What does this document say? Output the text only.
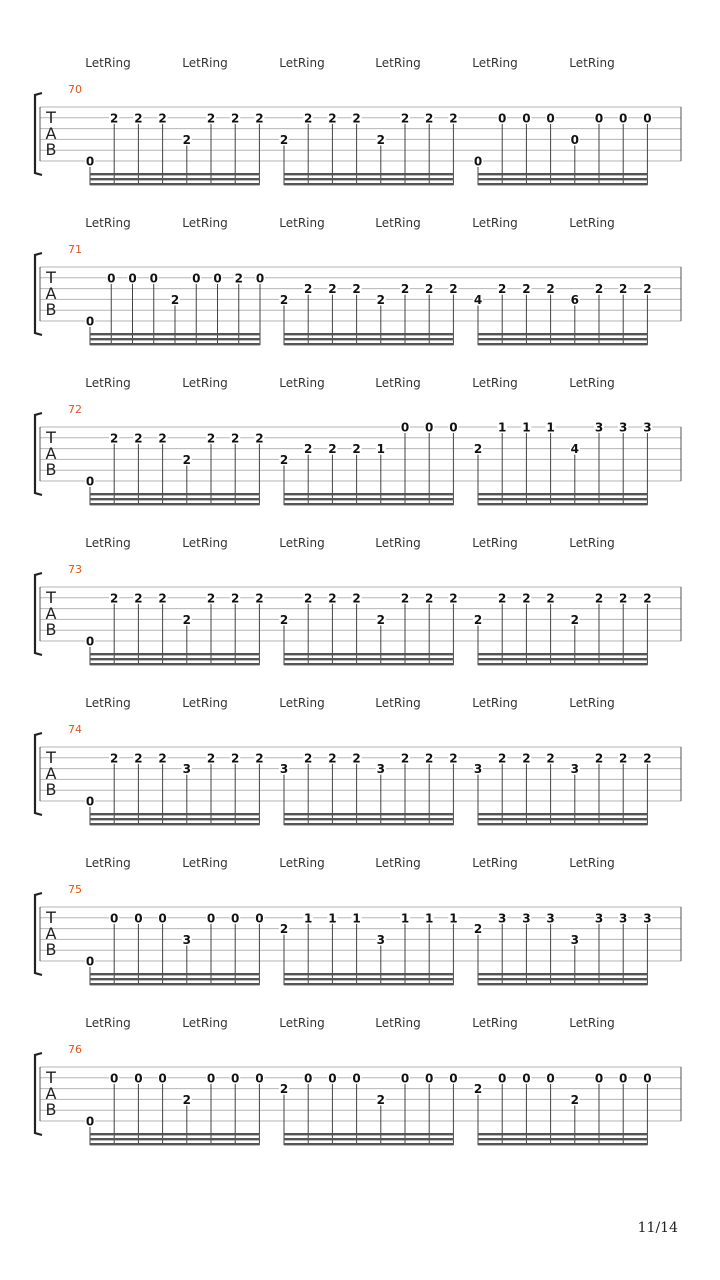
LetRing	LetRing	LetRing	LetRing	LetRing	LetRing
70
T
A
B
0
2 2 2
2
2 2 2
2
2 2 2
2
2 2 2
0
0 0 0
0
0 0 0
LetRing	LetRing	LetRing	LetRing	LetRing	LetRing
71
T
A
B
0
0 0 0
2
0 0 2 0
2
2 2 2
2
2 2 2
4
2 2 2
6
2 2 2
LetRing	LetRing	LetRing	LetRing	LetRing	LetRing
72
T
A
B
0
2 2 2
2
2 2 2
2
2 2 2 1
0 0 0
2
1 1 1
4
3 3 3
LetRing	LetRing	LetRing	LetRing	LetRing	LetRing
73
T
A
B
0
2 2 2
2
2 2 2
2
2 2 2
2
2 2 2
2
2 2 2
2
2 2 2
LetRing	LetRing	LetRing	LetRing	LetRing	LetRing
74
T
A
B
0
2 2 2
3
2 2 2
3
2 2 2
3
2 2 2
3
2 2 2
3
2 2 2
LetRing	LetRing	LetRing	LetRing	LetRing	LetRing
75
T
A
B
0
0 0 0
3
0 0 0
2
1 1 1
3
1 1 1
2
3 3 3
3
3 3 3
LetRing	LetRing	LetRing	LetRing	LetRing	LetRing
76
T
A
B
0
0 0 0
2
0 0 0
2
0 0 0
2
0 0 0
2
0 0 0
2
0 0 0
11/14
